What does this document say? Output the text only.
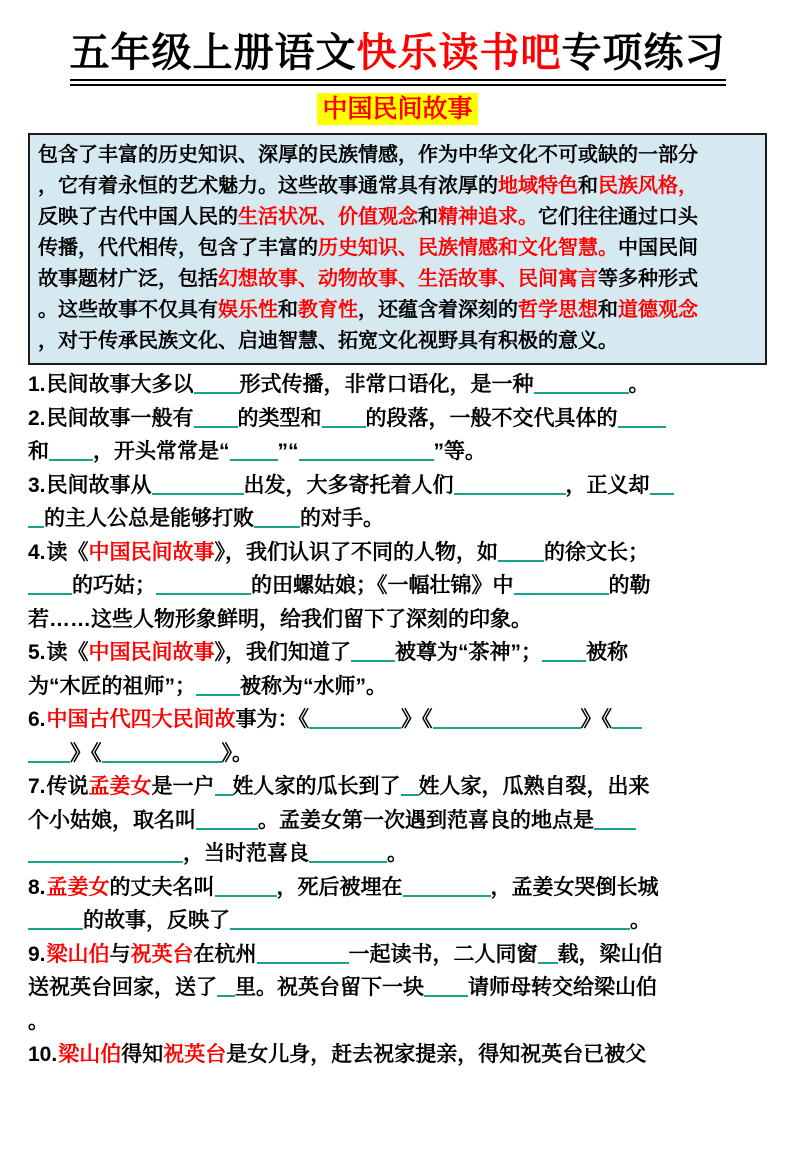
五年级上册语文快乐读书吧专项练习
中国民间故事
包含了丰富的历史知识、深厚的民族情感，作为中华文化不可或缺的一部分
，它有着永恒的艺术魅力。这些故事通常具有浓厚的地域特色和民族风格，
反映了古代中国人民的生活状况、价值观念和精神追求。它们往往通过口头
传播，代代相传，包含了丰富的历史知识、民族情感和文化智慧。中国民间
故事题材广泛，包括幻想故事、动物故事、生活故事、民间寓言等多种形式
。这些故事不仅具有娱乐性和教育性，还蕴含着深刻的哲学思想和道德观念
，对于传承民族文化、启迪智慧、拓宽文化视野具有积极的意义。
1.民间故事大多以 形式传播，非常口语化，是一种	。
2.民间故事一般有 的类型和 的段落，一般不交代具体的
和 ，开头常常是“ ”“	”等。
3.民间故事从	出发，大多寄托着人们	，正义却
的主人公总是能够打败 的对手。
4.读《中国民间故事》，我们认识了不同的人物，如 的徐文长；
的巧姑；	的田螺姑娘；《一幅壮锦》中	的勒
若……这些人物形象鲜明，给我们留下了深刻的印象。
5.读《中国民间故事》，我们知道了 被尊为“茶神”； 被称
为“木匠的祖师”； 被称为“水师”。
6.中国古代四大民间故事为：《	》《	》《
》《	》。
7.传说孟姜女是一户 姓人家的瓜长到了 姓人家，瓜熟自裂，出来
个小姑娘，取名叫	。孟姜女第一次遇到范喜良的地点是
，当时范喜良	。
8.孟姜女的丈夫名叫	，死后被埋在	，孟姜女哭倒长城
的故事，反映了	。
9.梁山伯与祝英台在杭州	一起读书，二人同窗 载，梁山伯
送祝英台回家，送了 里。祝英台留下一块 请师母转交给梁山伯
。
10.梁山伯得知祝英台是女儿身，赶去祝家提亲，得知祝英台已被父
